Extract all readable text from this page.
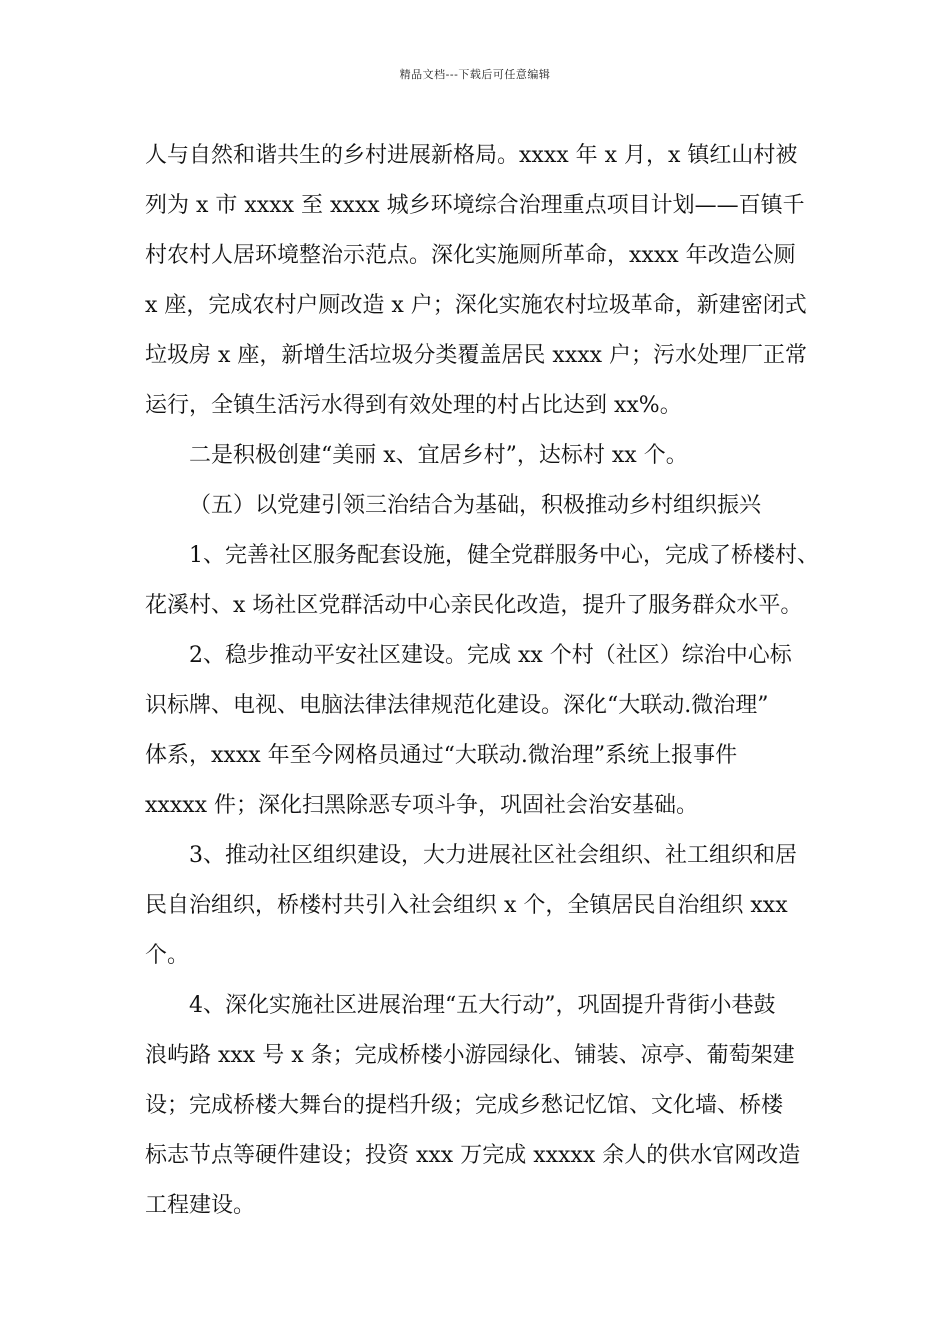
精品文档---下载后可任意编辑
人与自然和谐共生的乡村进展新格局。xxxx 年 x 月，x 镇红山村被
列为 x 市 xxxx 至 xxxx 城乡环境综合治理重点项目计划——百镇千
村农村人居环境整治示范点。深化实施厕所革命，xxxx 年改造公厕
x 座，完成农村户厕改造 x 户；深化实施农村垃圾革命，新建密闭式
垃圾房 x 座，新增生活垃圾分类覆盖居民 xxxx 户；污水处理厂正常
运行，全镇生活污水得到有效处理的村占比达到 xx%。
二是积极创建“美丽 x、宜居乡村”，达标村 xx 个。
（五）以党建引领三治结合为基础，积极推动乡村组织振兴
1、完善社区服务配套设施，健全党群服务中心，完成了桥楼村、
花溪村、x 场社区党群活动中心亲民化改造，提升了服务群众水平。
2、稳步推动平安社区建设。完成 xx 个村（社区）综治中心标
识标牌、电视、电脑法律法律规范化建设。深化“大联动.微治理”
体系，xxxx 年至今网格员通过“大联动.微治理”系统上报事件
xxxxx 件；深化扫黑除恶专项斗争，巩固社会治安基础。
3、推动社区组织建设，大力进展社区社会组织、社工组织和居
民自治组织，桥楼村共引入社会组织 x 个，全镇居民自治组织 xxx
个。
4、深化实施社区进展治理“五大行动”，巩固提升背街小巷鼓
浪屿路 xxx 号 x 条；完成桥楼小游园绿化、铺装、凉亭、葡萄架建
设；完成桥楼大舞台的提档升级；完成乡愁记忆馆、文化墙、桥楼
标志节点等硬件建设；投资 xxx 万完成 xxxxx 余人的供水官网改造
工程建设。
